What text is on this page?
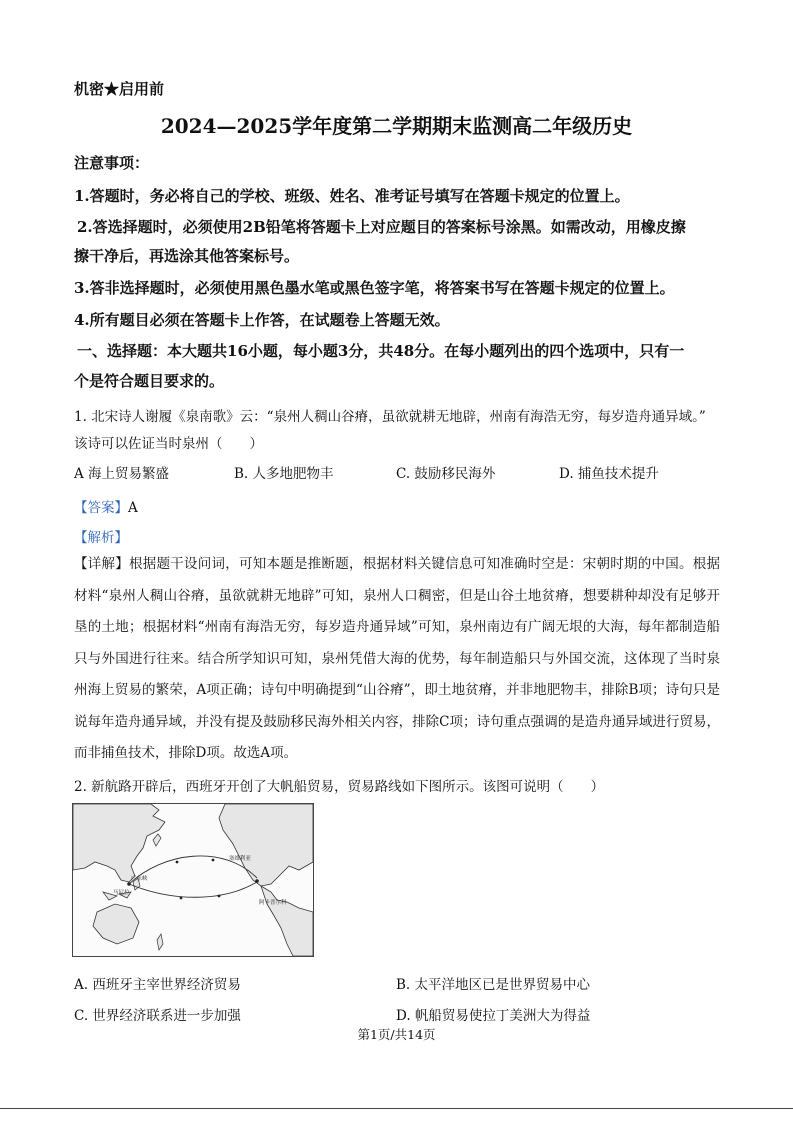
机密★启用前
2024—2025学年度第二学期期末监测高二年级历史
注意事项：
1.答题时，务必将自己的学校、班级、姓名、准考证号填写在答题卡规定的位置上。
2.答选择题时，必须使用2B铅笔将答题卡上对应题目的答案标号涂黑。如需改动，用橡皮擦
擦干净后，再选涂其他答案标号。
3.答非选择题时，必须使用黑色墨水笔或黑色签字笔，将答案书写在答题卡规定的位置上。
4.所有题目必须在答题卡上作答，在试题卷上答题无效。
一、选择题：本大题共16小题，每小题3分，共48分。在每小题列出的四个选项中，只有一
个是符合题目要求的。
1. 北宋诗人谢履《泉南歌》云：“泉州人稠山谷瘠，虽欲就耕无地辟，州南有海浩无穷，每岁造舟通异域。”
该诗可以佐证当时泉州（　　）
A 海上贸易繁盛	B. 人多地肥物丰	C. 鼓励移民海外	D. 捕鱼技术提升
【答案】A
【解析】
【详解】根据题干设问词，可知本题是推断题，根据材料关键信息可知准确时空是：宋朝时期的中国。根据材料“泉州人稠山谷瘠，虽欲就耕无地辟”可知，泉州人口稠密，但是山谷土地贫瘠，想要耕种却没有足够开垦的土地；根据材料“州南有海浩无穷，每岁造舟通异域”可知，泉州南边有广阔无垠的大海，每年都制造船只与外国进行往来。结合所学知识可知，泉州凭借大海的优势，每年制造船只与外国交流，这体现了当时泉州海上贸易的繁荣，A项正确；诗句中明确提到“山谷瘠”，即土地贫瘠，并非地肥物丰，排除B项；诗句只是说每年造舟通异域，并没有提及鼓励移民海外相关内容，排除C项；诗句重点强调的是造舟通异域进行贸易，而非捕鱼技术，排除D项。故选A项。
2. 新航路开辟后，西班牙开创了大帆船贸易，贸易路线如下图所示。该图可说明（　　）
广东峡
马尼拉
塞维利亚
阿卡普尔科
A. 西班牙主宰世界经济贸易	B. 太平洋地区已是世界贸易中心
C. 世界经济联系进一步加强	D. 帆船贸易使拉丁美洲大为得益
第1页/共14页
